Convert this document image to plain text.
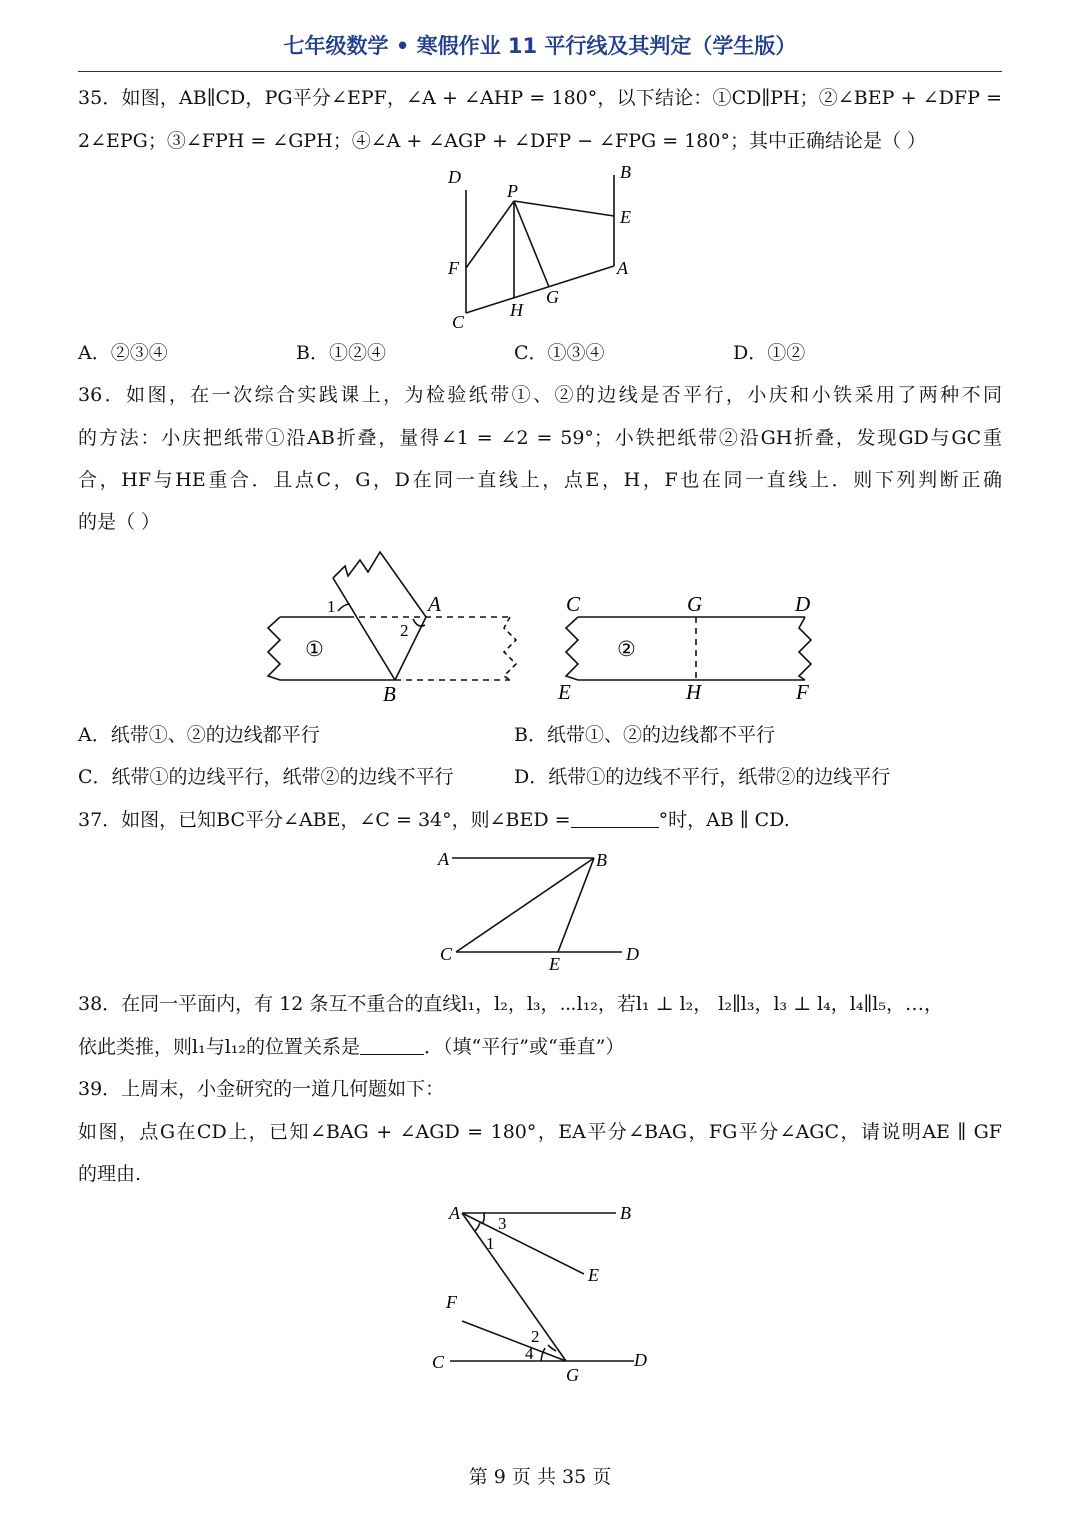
七年级数学 • 寒假作业 11 平行线及其判定（学生版）
35．如图，AB∥CD，PG平分∠EPF，∠A + ∠AHP = 180°，以下结论：①CD∥PH；②∠BEP + ∠DFP =
2∠EPG；③∠FPH = ∠GPH；④∠A + ∠AGP + ∠DFP − ∠FPG = 180°；其中正确结论是（ ）
D	B
P
E
F	A
G
H
C
A．②③④	B．①②④	C．①③④	D．①②
36．如图，在一次综合实践课上，为检验纸带①、②的边线是否平行，小庆和小铁采用了两种不同
的方法：小庆把纸带①沿AB折叠，量得∠1 = ∠2 = 59°；小铁把纸带②沿GH折叠，发现GD与GC重
合，HF与HE重合．且点C，G，D在同一直线上，点E，H，F也在同一直线上．则下列判断正确
的是（ ）
1	A
2
①
B
C	G	D
②
E	H	F
A．纸带①、②的边线都平行	B．纸带①、②的边线都不平行
C．纸带①的边线平行，纸带②的边线不平行	D．纸带①的边线不平行，纸带②的边线平行
37．如图，已知BC平分∠ABE，∠C = 34°，则∠BED =	°时，AB ∥ CD.
A	B
C	E	D
38．在同一平面内，有 12 条互不重合的直线l₁，l₂，l₃，⋯l₁₂，若l₁ ⊥ l₂， l₂∥l₃，l₃ ⊥ l₄，l₄∥l₅，…，
依此类推，则l₁与l₁₂的位置关系是	．（填“平行”或“垂直”）
39．上周末，小金研究的一道几何题如下：
如图，点G在CD上，已知∠BAG + ∠AGD = 180°，EA平分∠BAG，FG平分∠AGC，请说明AE ∥ GF
的理由.
A
3
B
1
E
F
2
4
C	D
G
第 9 页 共 35 页
